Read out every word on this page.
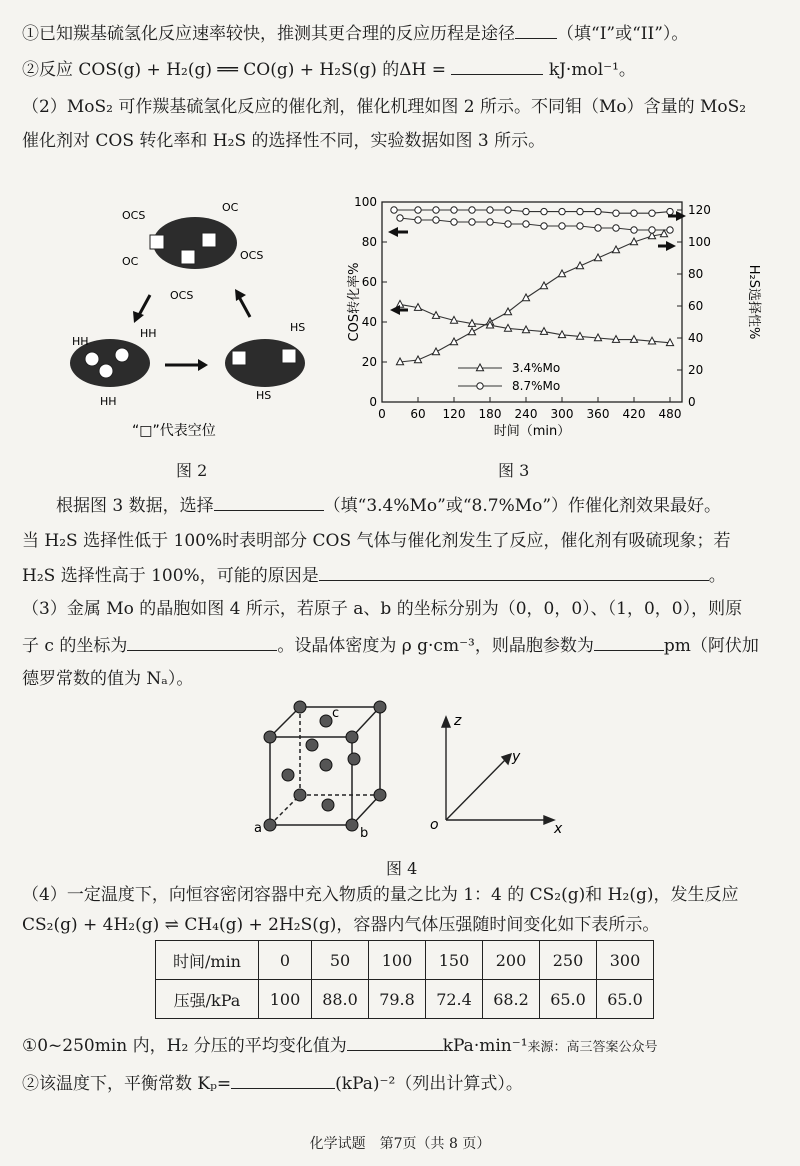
①已知羰基硫氢化反应速率较快，推测其更合理的反应历程是途径 （填“I”或“II”）。
②反应 COS(g) + H₂(g) ══ CO(g) + H₂S(g) 的ΔH =	kJ·mol⁻¹。
（2）MoS₂ 可作羰基硫氢化反应的催化剂，催化机理如图 2 所示。不同钼（Mo）含量的 MoS₂
催化剂对 COS 转化率和 H₂S 的选择性不同，实验数据如图 3 所示。
OCS
OC
OC	OCS
OCS
HH
HH
HH
HS
HS
“□”代表空位
图 2
0 60 120 180 240 300 360 420 480
0
20
40
60
80
100
0
20
40
60
80
100
120
3.4%Mo
8.7%Mo
时间（min）
COS转化率%	H₂S选择性%
图 3
　　根据图 3 数据，选择	（填“3.4%Mo”或“8.7%Mo”）作催化剂效果最好。
当 H₂S 选择性低于 100%时表明部分 COS 气体与催化剂发生了反应，催化剂有吸硫现象；若
H₂S 选择性高于 100%，可能的原因是	。
（3）金属 Mo 的晶胞如图 4 所示，若原子 a、b 的坐标分别为（0，0，0）、（1，0，0），则原
子 c 的坐标为	。设晶体密度为 ρ g·cm⁻³，则晶胞参数为	pm（阿伏加
德罗常数的值为 Nₐ）。
a	b
c	z
y
x
o
图 4
（4）一定温度下，向恒容密闭容器中充入物质的量之比为 1：4 的 CS₂(g)和 H₂(g)，发生反应
CS₂(g) + 4H₂(g) ⇌ CH₄(g) + 2H₂S(g)，容器内气体压强随时间变化如下表所示。
时间/min	0	50	100	150	200	250	300
压强/kPa	100	88.0	79.8	72.4	68.2	65.0	65.0
①0~250min 内，H₂ 分压的平均变化值为	kPa·min⁻¹来源：高三答案公众号
②该温度下，平衡常数 Kₚ=	(kPa)⁻²（列出计算式）。
化学试题　第7页（共 8 页）
